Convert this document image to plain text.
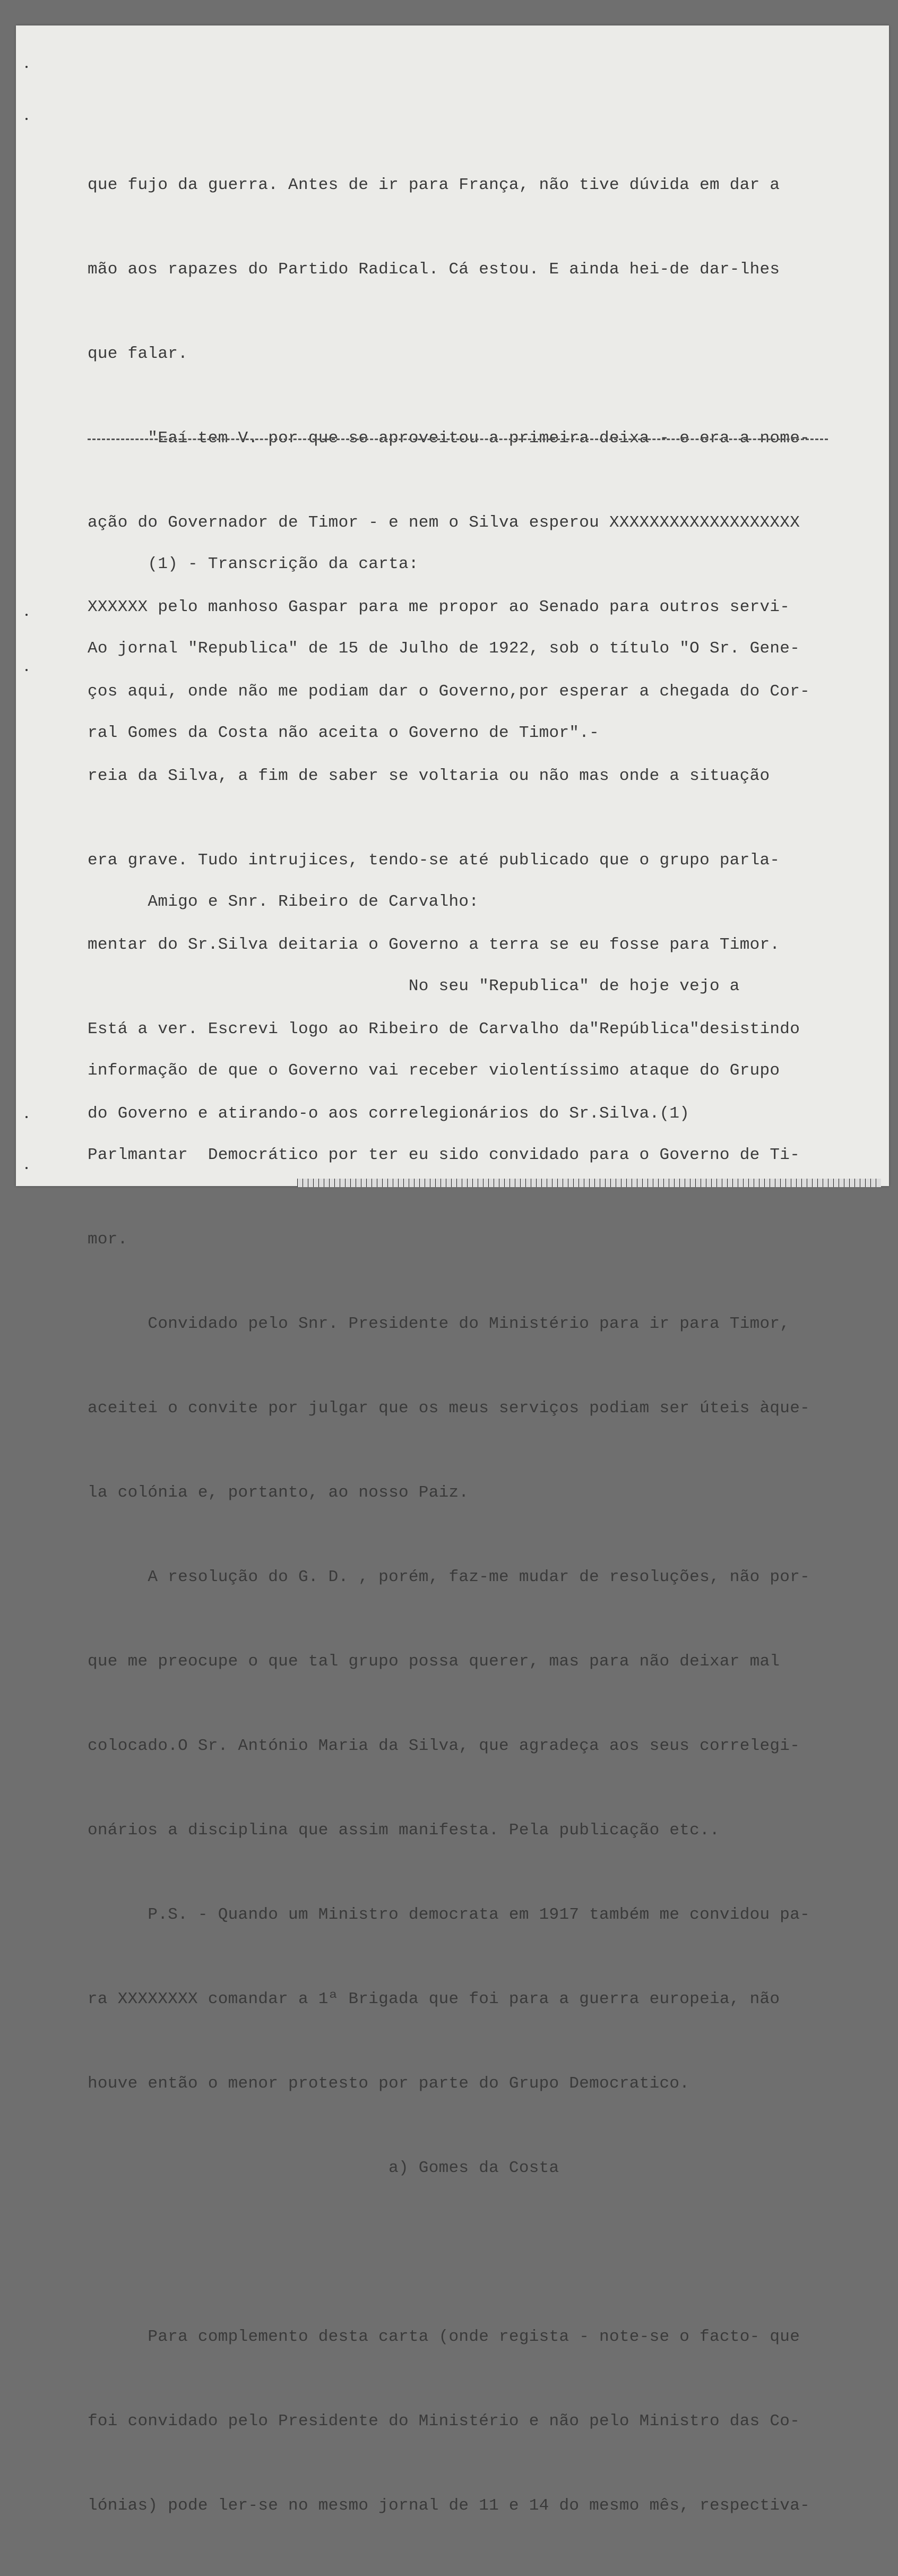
que fujo da guerra. Antes de ir para França, não tive dúvida em dar a

mão aos rapazes do Partido Radical. Cá estou. E ainda hei-de dar-lhes

que falar.

"Eaí tem V. por que se aproveitou a primeira deixa - e era a nome-

ação do Governador de Timor - e nem o Silva esperou XXXXXXXXXXXXXXXXXXX

XXXXXX pelo manhoso Gaspar para me propor ao Senado para outros servi-

ços aqui, onde não me podiam dar o Governo,por esperar a chegada do Cor-

reia da Silva, a fim de saber se voltaria ou não mas onde a situação

era grave. Tudo intrujices, tendo-se até publicado que o grupo parla-

mentar do Sr.Silva deitaria o Governo a terra se eu fosse para Timor.

Está a ver. Escrevi logo ao Ribeiro de Carvalho da"República"desistindo

do Governo e atirando-o aos correlegionários do Sr.Silva.(1)

(1) - Transcrição da carta:

Ao jornal "Republica" de 15 de Julho de 1922, sob o título "O Sr. Gene-

ral Gomes da Costa não aceita o Governo de Timor".-

Amigo e Snr. Ribeiro de Carvalho:

No seu "Republica" de hoje vejo a

informação de que o Governo vai receber violentíssimo ataque do Grupo

Parlmantar  Democrático por ter eu sido convidado para o Governo de Ti-

mor.

Convidado pelo Snr. Presidente do Ministério para ir para Timor,

aceitei o convite por julgar que os meus serviços podiam ser úteis àque-

la colónia e, portanto, ao nosso Paiz.

A resolução do G. D. , porém, faz-me mudar de resoluções, não por-

que me preocupe o que tal grupo possa querer, mas para não deixar mal

colocado.O Sr. António Maria da Silva, que agradeça aos seus correlegi-

onários a disciplina que assim manifesta. Pela publicação etc..

P.S. - Quando um Ministro democrata em 1917 também me convidou pa-

ra XXXXXXXX comandar a 1ª Brigada que foi para a guerra europeia, não

houve então o menor protesto por parte do Grupo Democratico.

a) Gomes da Costa

Para complemento desta carta (onde regista - note-se o facto- que

foi convidado pelo Presidente do Ministério e não pelo Ministro das Co-

lónias) pode ler-se no mesmo jornal de 11 e 14 do mesmo mês, respectiva-
